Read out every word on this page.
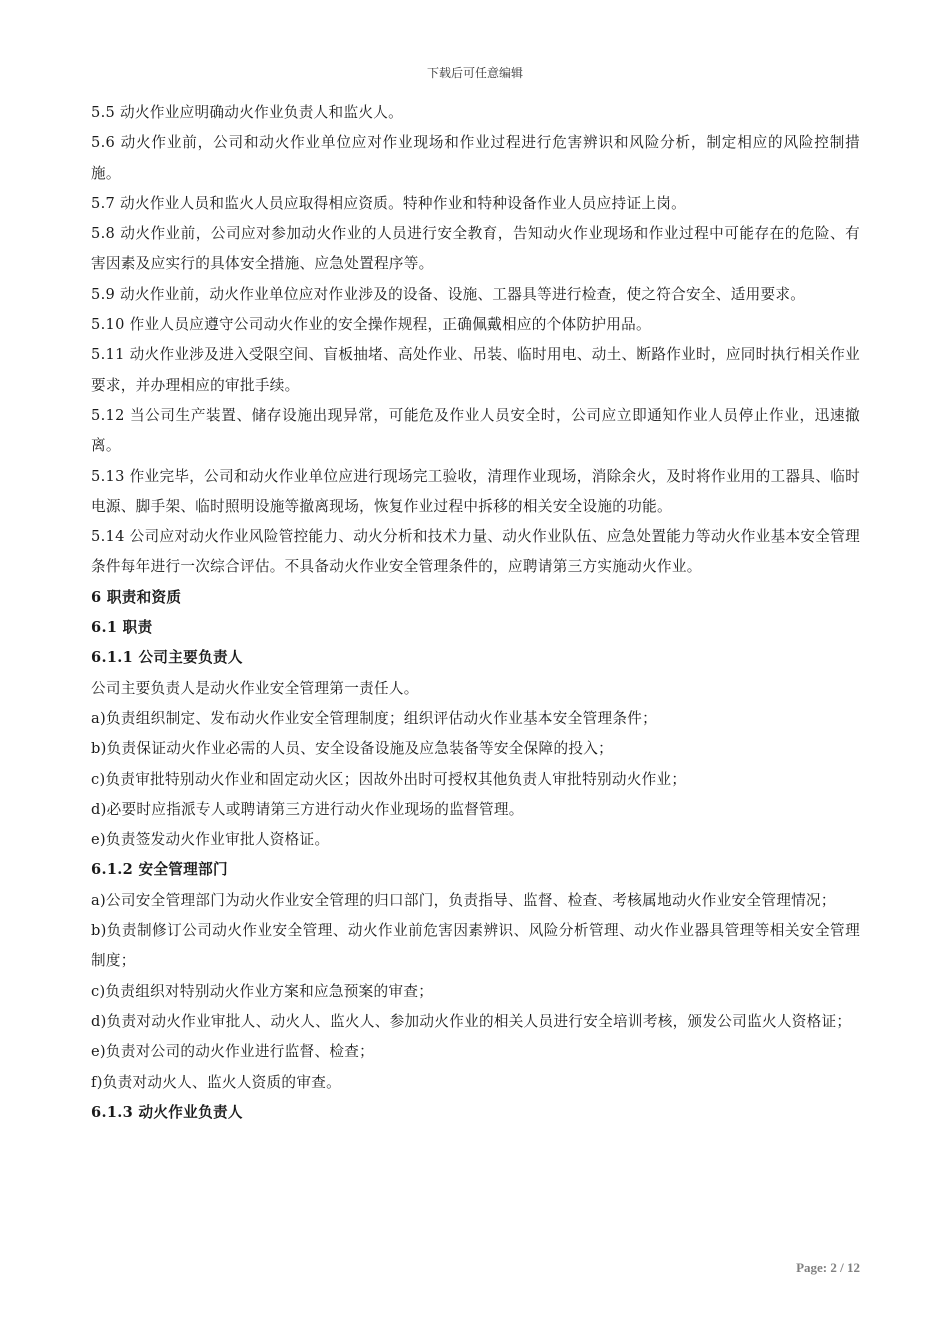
下载后可任意编辑

5.5 动火作业应明确动火作业负责人和监火人。

5.6 动火作业前，公司和动火作业单位应对作业现场和作业过程进行危害辨识和风险分析，制定相应的风险控制措施。

5.7 动火作业人员和监火人员应取得相应资质。特种作业和特种设备作业人员应持证上岗。

5.8 动火作业前，公司应对参加动火作业的人员进行安全教育，告知动火作业现场和作业过程中可能存在的危险、有害因素及应实行的具体安全措施、应急处置程序等。

5.9 动火作业前，动火作业单位应对作业涉及的设备、设施、工器具等进行检查，使之符合安全、适用要求。

5.10 作业人员应遵守公司动火作业的安全操作规程，正确佩戴相应的个体防护用品。

5.11 动火作业涉及进入受限空间、盲板抽堵、高处作业、吊装、临时用电、动土、断路作业时，应同时执行相关作业要求，并办理相应的审批手续。

5.12 当公司生产装置、储存设施出现异常，可能危及作业人员安全时，公司应立即通知作业人员停止作业，迅速撤离。

5.13 作业完毕，公司和动火作业单位应进行现场完工验收，清理作业现场，消除余火，及时将作业用的工器具、临时电源、脚手架、临时照明设施等撤离现场，恢复作业过程中拆移的相关安全设施的功能。

5.14 公司应对动火作业风险管控能力、动火分析和技术力量、动火作业队伍、应急处置能力等动火作业基本安全管理条件每年进行一次综合评估。不具备动火作业安全管理条件的，应聘请第三方实施动火作业。

6 职责和资质

6.1 职责

6.1.1 公司主要负责人

公司主要负责人是动火作业安全管理第一责任人。

a)负责组织制定、发布动火作业安全管理制度；组织评估动火作业基本安全管理条件；

b)负责保证动火作业必需的人员、安全设备设施及应急装备等安全保障的投入；

c)负责审批特别动火作业和固定动火区；因故外出时可授权其他负责人审批特别动火作业；

d)必要时应指派专人或聘请第三方进行动火作业现场的监督管理。

e)负责签发动火作业审批人资格证。

6.1.2 安全管理部门

a)公司安全管理部门为动火作业安全管理的归口部门，负责指导、监督、检查、考核属地动火作业安全管理情况；

b)负责制修订公司动火作业安全管理、动火作业前危害因素辨识、风险分析管理、动火作业器具管理等相关安全管理制度；

c)负责组织对特别动火作业方案和应急预案的审查；

d)负责对动火作业审批人、动火人、监火人、参加动火作业的相关人员进行安全培训考核，颁发公司监火人资格证；

e)负责对公司的动火作业进行监督、检查；

f)负责对动火人、监火人资质的审查。

6.1.3 动火作业负责人

Page: 2 / 12
